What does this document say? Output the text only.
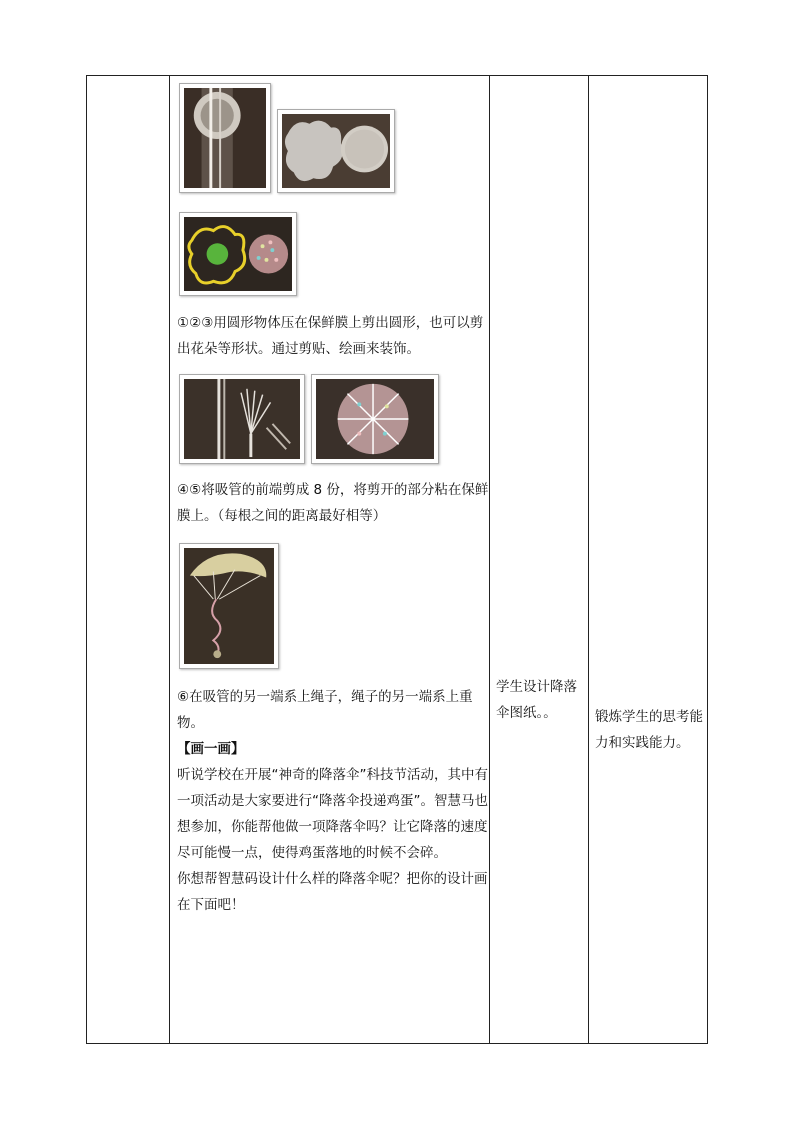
①②③用圆形物体压在保鲜膜上剪出圆形，也可以剪出花朵等形状。通过剪贴、绘画来装饰。

④⑤将吸管的前端剪成 8 份，将剪开的部分粘在保鲜膜上。（每根之间的距离最好相等）

⑥在吸管的另一端系上绳子，绳子的另一端系上重物。

【画一画】

听说学校在开展“神奇的降落伞”科技节活动，其中有一项活动是大家要进行“降落伞投递鸡蛋”。智慧马也想参加，你能帮他做一项降落伞吗？让它降落的速度尽可能慢一点，使得鸡蛋落地的时候不会碎。

你想帮智慧码设计什么样的降落伞呢？把你的设计画在下面吧！

学生设计降落伞图纸。。	锻炼学生的思考能力和实践能力。
